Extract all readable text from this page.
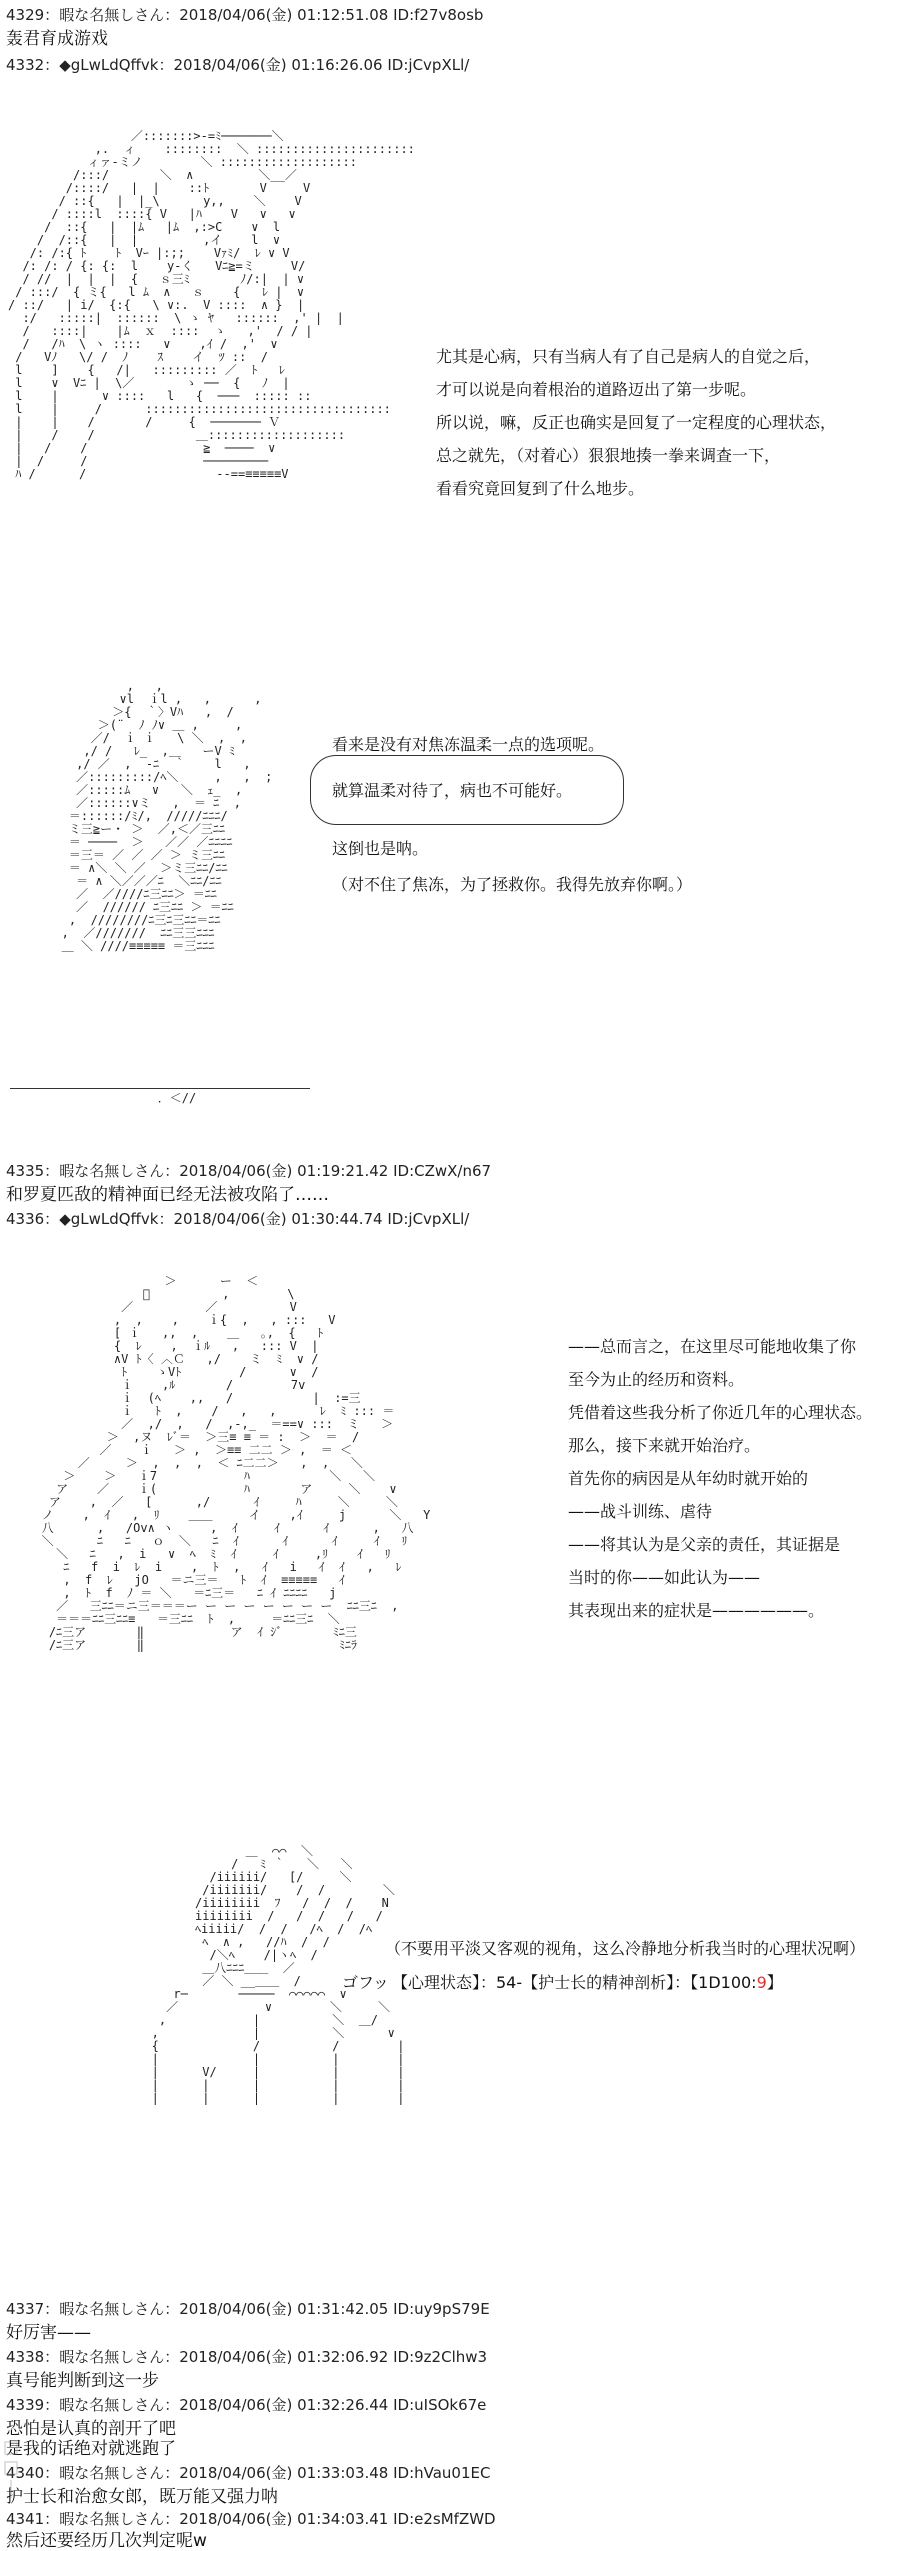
4329：暇な名無しさん：2018/04/06(金) 01:12:51.08 ID:f27v8osb
轰君育成游戏
4332：◆gLwLdQffvk：2018/04/06(金) 01:16:26.06 ID:jCvpXLl/
／:::::::>-=ﾐ───────＼
,.  ィ    ::::::::  ＼ ::::::::::::::::::::::
ィァ-ミノ        ＼ :::::::::::::::::::
/:::/       ＼  ∧         ＼__／
/::::/   |  |    ::ﾄ       V     V
/ ::{   |  |_\      y,,    ＼    V
/ ::::l  ::::{ V   |ﾊ    V   ∨   ∨
/  ::{   |  |ﾑ   |ﾑ  ,:>C    ∨  l
/  /::{   |  |         ,イ    l  ∨
/: /:{ ﾄ    ﾄ  Vｰ |:;;    Vｧﾐ/  ﾚ ∨ V
/: /: / {: {:  l    y-く   Vﾆ≧=ミ     V/
/ //  |  |  |  {   ｓ三ﾐ       ﾉ/:|  | ∨
/ :::/  { ミ{   l ﾑ  ∧   ｓ    {   ﾚ |  ∨
/ ::/   | i/  {:{   \ ∨:.  V ::::  ∧ }  |
:/   :::::|  ::::::  \ ゝ ﾔ   ::::::  ,' |  |
/   ::::|    |ﾑ  ｘ  ::::  ゝ   ,'  / / |
/   /ﾊ  \ ヽ ::::   ∨    ,ｲ /  ,'  ∨
/   Vﾉ   \/ /  ﾉ    ｽ    イ  ﾂ ::  /
l    ]    {   /|   ::::::::: ／  ﾄ   ﾚ
l    ∨  Vﾆ |  \／       ゝ ──  {   ﾉ  |
l    |      ∨ ::::   l   {  ───  ::::: ::
l    |     /      ::::::::::::::::::::::::::::::::::
|    |    /       /     {  ─────── Ｖ
|    /    /              ＿:::::::::::::::::::
|   /    /                ≧  ────  ∨
|  /     /                ─────────
ﾊ /      /                  --==≡≡≡≡≡V
尤其是心病，只有当病人有了自己是病人的自觉之后，
才可以说是向着根治的道路迈出了第一步呢。
所以说，嘛，反正也确实是回复了一定程度的心理状态，
总之就先，（对着心）狠狠地揍一拳来调查一下，
看看究竟回复到了什么地步。
,   ,
∨l  ｉl ,   ,      ,
＞{  ｀〉Vﾊ   ,  /
＞(¨  ﾉ ﾉ∨ ＿ ,     ,
／/  ｉ ｉ   \ ＼  ,  ,
,/ /   ﾚ_  ,＿   ーV ﾐ
,/ ／  ,  -ﾆ  ｀    l   ,
／:::::::::/ﾍ＼     ,   ,  ;
／:::::ﾑ   ∨   ＼  ｪ_  ,
／::::::∨ミ   ,  ＝ ﾆ  ,
＝::::::/ﾐ/,  /////ﾆﾆﾆ/
ミ三≧ー・ ＞  ／,＜／三ﾆﾆ
＝ ────  ＞   ／／ ／ﾆﾆﾆﾆ
＝三＝ ／ ／ ／ ＞ ミ三ﾆﾆ
＝ ∧＼ ＼ ／  ＞ミ三ﾆﾆ/ﾆﾆ
＝ ∧ ＼／／／ﾆ  ＼ﾆﾆ/ﾆﾆ
／  ／////ﾆ三ﾆﾆ＞ ＝ﾆﾆ
／  ////// ﾆ三ﾆﾆ ＞ ＝ﾆﾆ
,  ////////ﾆ三ﾆ三ﾆﾆ＝ﾆﾆ
,  ／///////  ﾆﾆ三三ﾆﾆﾆ
＿ ＼ ////≡≡≡≡≡ ＝三ﾆﾆﾆ
．＜//
看来是没有对焦冻温柔一点的选项呢。
就算温柔对待了，病也不可能好。
这倒也是呐。
（对不住了焦冻，为了拯救你。我得先放弃你啊。）
4335：暇な名無しさん：2018/04/06(金) 01:19:21.42 ID:CZwX/n67
和罗夏匹敌的精神面已经无法被攻陷了……
4336：◆gLwLdQffvk：2018/04/06(金) 01:30:44.74 ID:jCvpXLl/
＞      ー  ＜
ﾟ          ,        \
／          ／          V
,  ,    ,    ｉ{  ,   , :::   V
[ ｉ   ,,  ,    ＿   ｡,  {   ﾄ
{  ﾚ    ,  ｉﾙ   ,   ::: V  |
∧V ﾄ〈 ︿Ｃ   ,/    ミ  ﾐ  ∨ /
ﾄ    ゝVﾄ        /      ∨  /
ｉ    ,ﾙ       /        7v
ｉ  (ﾍ    ,,   /           |  :=三
ｉ   ﾄ  ,    /   ,   ,      ﾚ  ﾐ ::: ＝
／  ,/  ,   /  ,-,_  ＝==∨ :::  ミ   ＞
＞  ,ヌ  ﾚﾞ＝  ＞三≡ ≡ ＝ :  ＞  ＝  /
／    ｉ   ＞ ,  ＞≡≡ 二二 ＞ ,  ＝ ＜
／     ＞  ,  ,  ,  ＜ ﾆ二二＞   ,  ,   ＼
＞    ＞   ｉ7            ﾊ           ＼   ＼
ア    ／    ｉ(            ﾊ       ア     ＼    ∨
ア    ,  ／   [      ,/      ｲ     ﾊ     ＼     ＼
ノ    ,  ｲ   ,  ﾘ    ＿＿     イ    ,ｲ     j      ＼   Y
八      ,   /Ov∧ ヽ     ,  ｲ     ｲ      ｲ      ,   八
＼      ﾆ   ﾆ   ｏ  ＼   ﾆ  ｲ      ｲ      ｲ     ｲ   ﾘ
＼   ﾆ   ,  i   ∨  ﾍ  ﾐ  ｲ     ｲ     ,ﾘ    ｲ   ﾘ
ﾆ   f  i  ﾚ  i    ,  ﾄ  ,   ｲ   i   ｲ  ｲ   ,   ﾚ
,  f  ﾚ   jO   ＝ニ三＝   ﾄ  ｲ  ≡≡≡≡≡   ｲ
,  ﾄ  f  ﾉ ＝ ＼   ＝ﾆ三＝   ﾆ ｲ ﾆﾆﾆﾆ   j
／   三ﾆﾆ＝ニ三＝＝＝ー ー ー ー ー ー ー ー  ﾆﾆ三ﾆ  ,
＝＝＝ﾆﾆ三ﾆﾆ≡   ＝三ﾆﾆ  ﾄ  ,     ＝ﾆﾆ三ﾆ  ＼
/ﾆ三ア       ‖            ア  ｲ ｼﾞ       ﾐﾆ三
/ﾆ三ア       ‖                           ﾐﾆﾗ
——总而言之，在这里尽可能地收集了你
至今为止的经历和资料。
凭借着这些我分析了你近几年的心理状态。
那么，接下来就开始治疗。
首先你的病因是从年幼时就开始的
——战斗训练、虐待
——将其认为是父亲的责任，其证据是
当时的你——如此认为——
其表现出来的症状是——————。
＿  ⌒⌒  ＼
/   ﾐ ｀   ＼   ＼
/iiiiii/   [/     ＼
/iiiiiii/    /  /        ＼
/iiiiiiii  ﾌ   /  /  /    N
iiiiiiii  /   /  /   /   /
ﾍiiiii/  /  /   /ﾍ  /  /ﾍ
ﾍ  ∧ ,   //ﾊ  /  /
/＼ﾍ    /|ヽﾍ  /
＿八ﾆﾆﾆ＿＿  ／
／ ＼ __＿＿  /
r─       ─────  ⌒⌒⌒⌒⌒  ∨
／            ∨        ＼     ＼
,            |          ＼  ＿/
,             |          ＼      ∨
{             /          /        |
|             |          |        |
|      V/     |          |        |
|      |      |          |        |
|      |      |          |        |
（不要用平淡又客观的视角，这么冷静地分析我当时的心理状况啊）
ゴフッ 【心理状态】：54-【护士长的精神剖析】：【1D100:9】
4337：暇な名無しさん：2018/04/06(金) 01:31:42.05 ID:uy9pS79E
好厉害——
4338：暇な名無しさん：2018/04/06(金) 01:32:06.92 ID:9z2Clhw3
真号能判断到这一步
4339：暇な名無しさん：2018/04/06(金) 01:32:26.44 ID:uISOk67e
恐怕是认真的剖开了吧
是我的话绝对就逃跑了
4340：暇な名無しさん：2018/04/06(金) 01:33:03.48 ID:hVau01EC
护士长和治愈女郎，既万能又强力呐
4341：暇な名無しさん：2018/04/06(金) 01:34:03.41 ID:e2sMfZWD
然后还要经历几次判定呢w
